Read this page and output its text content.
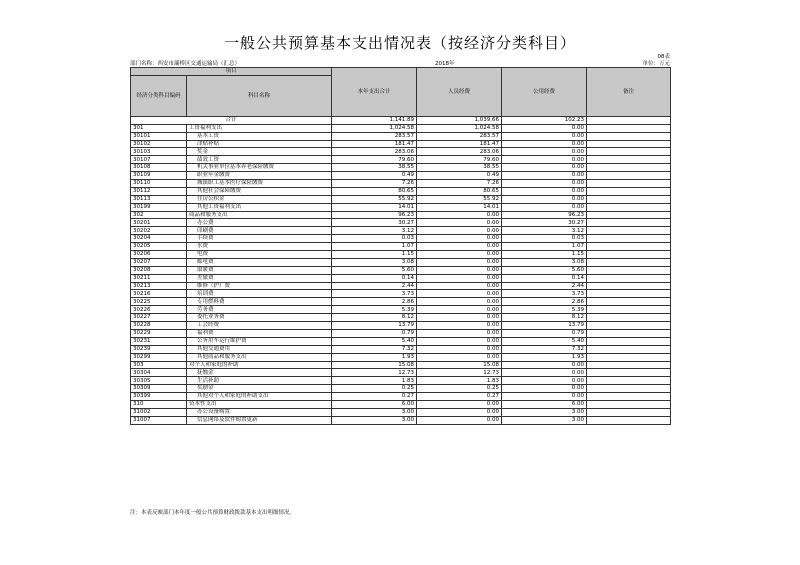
一般公共预算基本支出情况表（按经济分类科目）
08表
部门名称：西安市灞桥区交通运输局（汇总）	2018年	单位：万元
项目		本年支出合计	人员经费	公用经费	备注
经济分类科目编码	科目名称				
合计		1,141.89	1,039.66	102.23	
301	工资福利支出	1,024.58	1,024.58	0.00	
30101	基本工资	283.57	283.57	0.00	
30102	津贴补贴	181.47	181.47	0.00	
30103	奖金	283.06	283.06	0.00	
30107	绩效工资	79.60	79.60	0.00	
30108	机关事业单位基本养老保险缴费	38.55	38.55	0.00	
30109	职业年金缴费	0.49	0.49	0.00	
30110	城镇职工基本医疗保险缴费	7.26	7.26	0.00	
30112	其他社会保障缴费	80.65	80.65	0.00	
30113	住房公积金	55.92	55.92	0.00	
30199	其他工资福利支出	14.01	14.01	0.00	
302	商品和服务支出	96.23	0.00	96.23	
30201	办公费	30.27	0.00	30.27	
30202	印刷费	3.12	0.00	3.12	
30204	手续费	0.03	0.00	0.03	
30205	水费	1.07	0.00	1.07	
30206	电费	1.15	0.00	1.15	
30207	邮电费	3.08	0.00	3.08	
30208	取暖费	5.60	0.00	5.60	
30211	差旅费	0.14	0.00	0.14	
30213	维修（护）费	2.44	0.00	2.44	
30216	培训费	3.73	0.00	3.73	
30225	专用燃料费	2.86	0.00	2.86	
30226	劳务费	5.39	0.00	5.39	
30227	委托业务费	8.12	0.00	8.12	
30228	工会经费	13.79	0.00	13.79	
30229	福利费	0.79	0.00	0.79	
30231	公务用车运行维护费	5.40	0.00	5.40	
30239	其他交通费用	7.32	0.00	7.32	
30299	其他商品和服务支出	1.93	0.00	1.93	
303	对个人和家庭的补助	15.08	15.08	0.00	
30304	抚恤金	12.73	12.73	0.00	
30305	生活补助	1.83	1.83	0.00	
30309	奖励金	0.25	0.25	0.00	
30399	其他对个人和家庭的补助支出	0.27	0.27	0.00	
310	资本性支出	6.00	0.00	6.00	
31002	办公设备购置	3.00	0.00	3.00	
31007	信息网络及软件购置更新	3.00	0.00	3.00	
注：本表反映部门本年度一般公共预算财政拨款基本支出明细情况。
